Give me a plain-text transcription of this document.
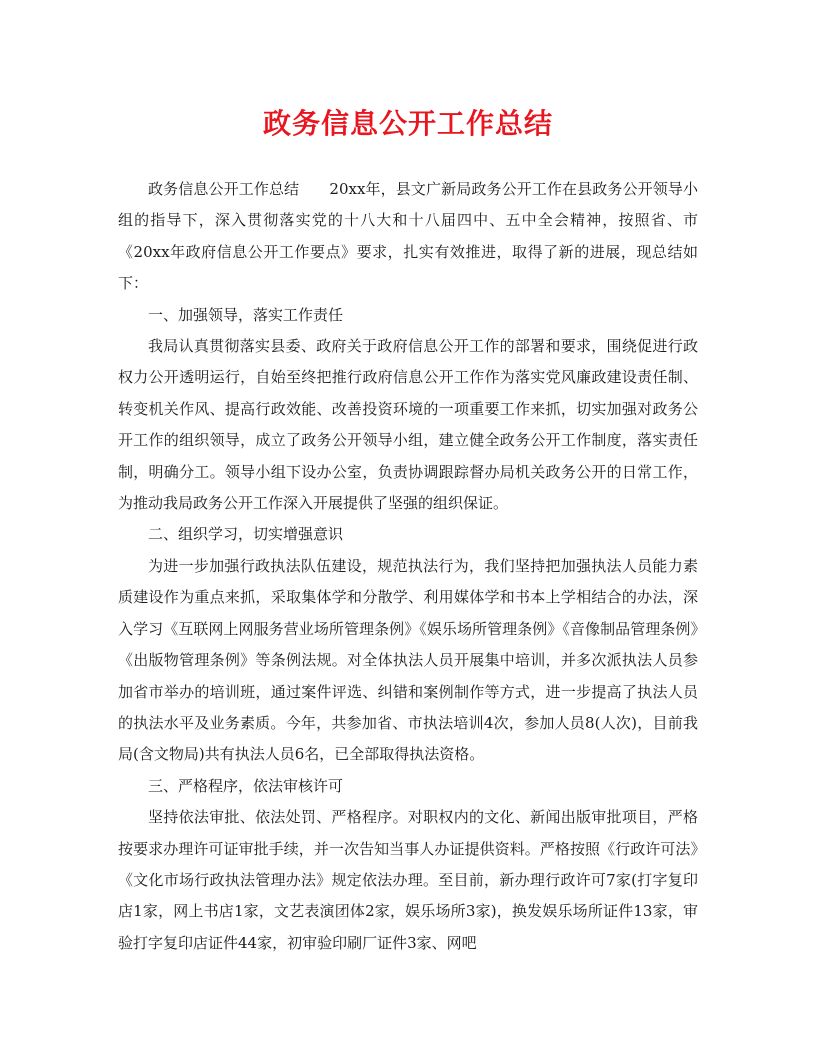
政务信息公开工作总结

政务信息公开工作总结　　20xx年，县文广新局政务公开工作在县政务公开领导小组的指导下，深入贯彻落实党的十八大和十八届四中、五中全会精神，按照省、市《20xx年政府信息公开工作要点》要求，扎实有效推进，取得了新的进展，现总结如下：

一、加强领导，落实工作责任

我局认真贯彻落实县委、政府关于政府信息公开工作的部署和要求，围绕促进行政权力公开透明运行，自始至终把推行政府信息公开工作作为落实党风廉政建设责任制、转变机关作风、提高行政效能、改善投资环境的一项重要工作来抓，切实加强对政务公开工作的组织领导，成立了政务公开领导小组，建立健全政务公开工作制度，落实责任制，明确分工。领导小组下设办公室，负责协调跟踪督办局机关政务公开的日常工作，为推动我局政务公开工作深入开展提供了坚强的组织保证。

二、组织学习，切实增强意识

为进一步加强行政执法队伍建设，规范执法行为，我们坚持把加强执法人员能力素质建设作为重点来抓，采取集体学和分散学、利用媒体学和书本上学相结合的办法，深入学习《互联网上网服务营业场所管理条例》《娱乐场所管理条例》《音像制品管理条例》《出版物管理条例》等条例法规。对全体执法人员开展集中培训，并多次派执法人员参加省市举办的培训班，通过案件评选、纠错和案例制作等方式，进一步提高了执法人员的执法水平及业务素质。今年，共参加省、市执法培训4次，参加人员8(人次)，目前我局(含文物局)共有执法人员6名，已全部取得执法资格。

三、严格程序，依法审核许可

坚持依法审批、依法处罚、严格程序。对职权内的文化、新闻出版审批项目，严格按要求办理许可证审批手续，并一次告知当事人办证提供资料。严格按照《行政许可法》《文化市场行政执法管理办法》规定依法办理。至目前，新办理行政许可7家(打字复印店1家，网上书店1家，文艺表演团体2家，娱乐场所3家)，换发娱乐场所证件13家，审验打字复印店证件44家，初审验印刷厂证件3家、网吧
